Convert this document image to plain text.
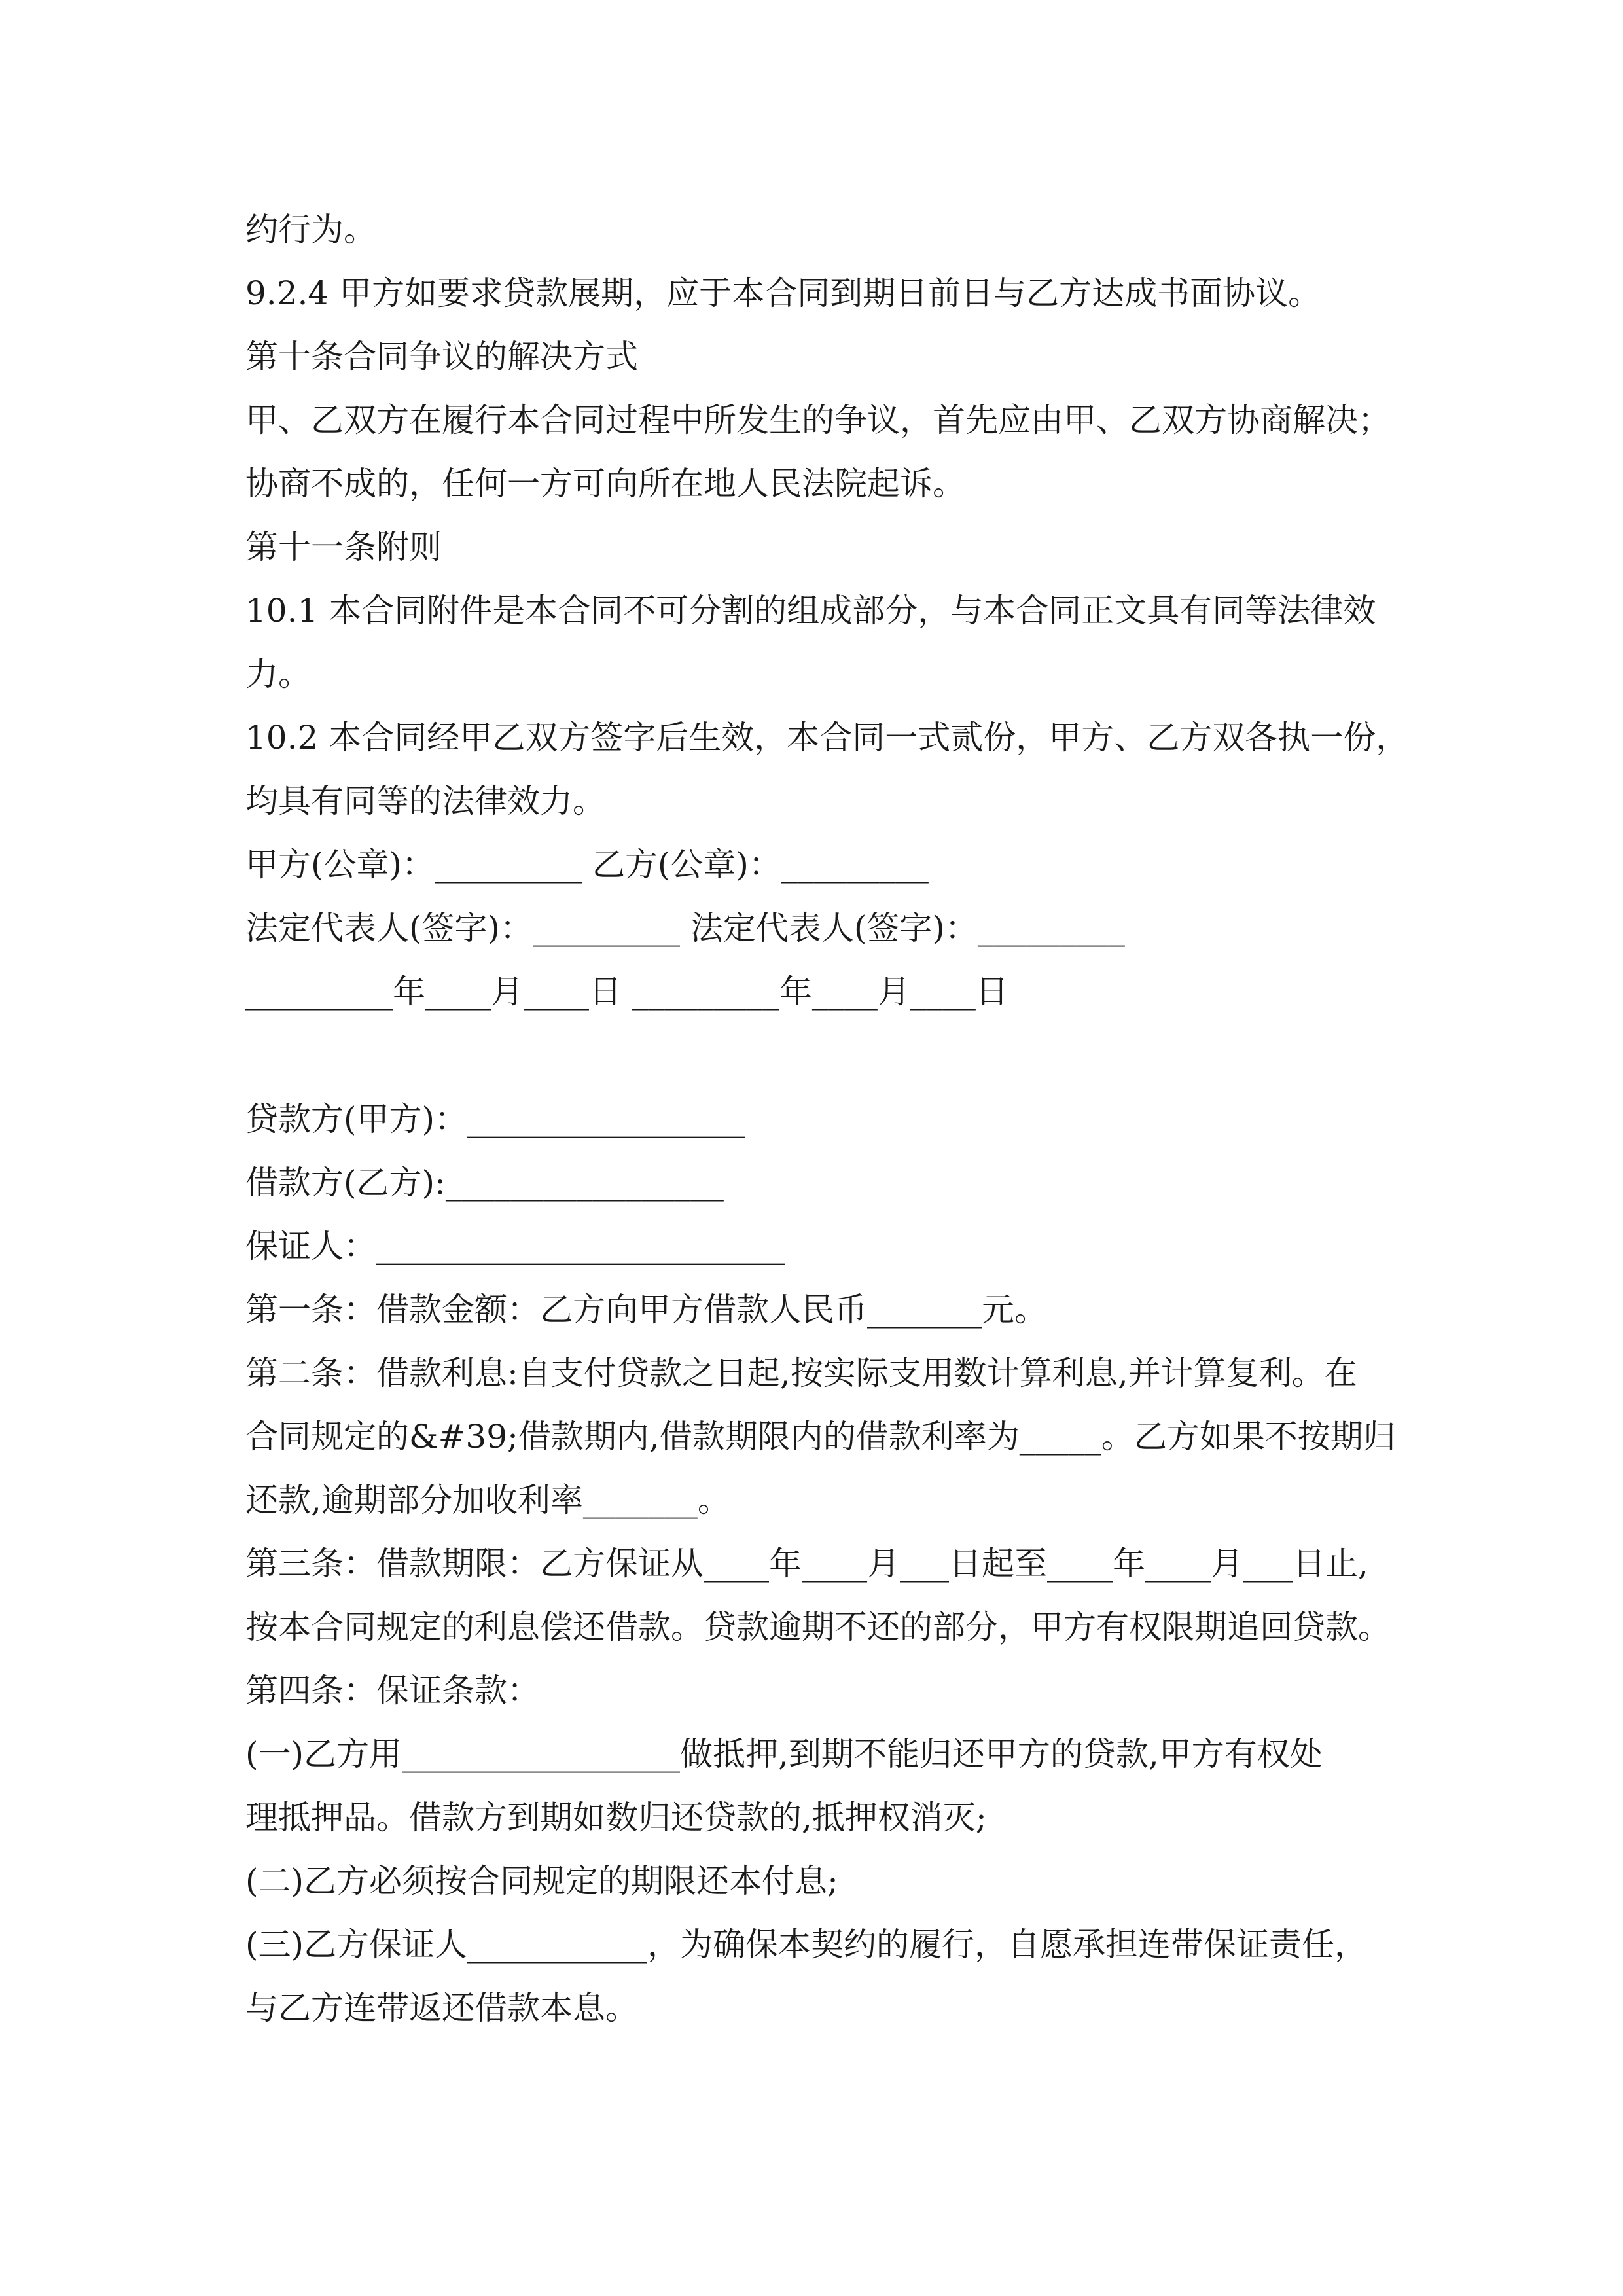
约行为。
9.2.4 甲方如要求贷款展期，应于本合同到期日前日与乙方达成书面协议。
第十条合同争议的解决方式
甲、乙双方在履行本合同过程中所发生的争议，首先应由甲、乙双方协商解决；
协商不成的，任何一方可向所在地人民法院起诉。
第十一条附则
10.1 本合同附件是本合同不可分割的组成部分，与本合同正文具有同等法律效
力。
10.2 本合同经甲乙双方签字后生效，本合同一式贰份，甲方、乙方双各执一份，
均具有同等的法律效力。
甲方(公章)：_________ 乙方(公章)：_________
法定代表人(签字)：_________ 法定代表人(签字)：_________
_________年____月____日 _________年____月____日
贷款方(甲方)：_________________
借款方(乙方):_________________
保证人：_________________________
第一条：借款金额：乙方向甲方借款人民币_______元。
第二条：借款利息:自支付贷款之日起,按实际支用数计算利息,并计算复利。在
合同规定的&#39;借款期内,借款期限内的借款利率为_____。乙方如果不按期归
还款,逾期部分加收利率_______。
第三条：借款期限：乙方保证从____年____月___日起至____年____月___日止,
按本合同规定的利息偿还借款。贷款逾期不还的部分，甲方有权限期追回贷款。
第四条：保证条款：
(一)乙方用_________________做抵押,到期不能归还甲方的贷款,甲方有权处
理抵押品。借款方到期如数归还贷款的,抵押权消灭;
(二)乙方必须按合同规定的期限还本付息;
(三)乙方保证人___________，为确保本契约的履行，自愿承担连带保证责任，
与乙方连带返还借款本息。
